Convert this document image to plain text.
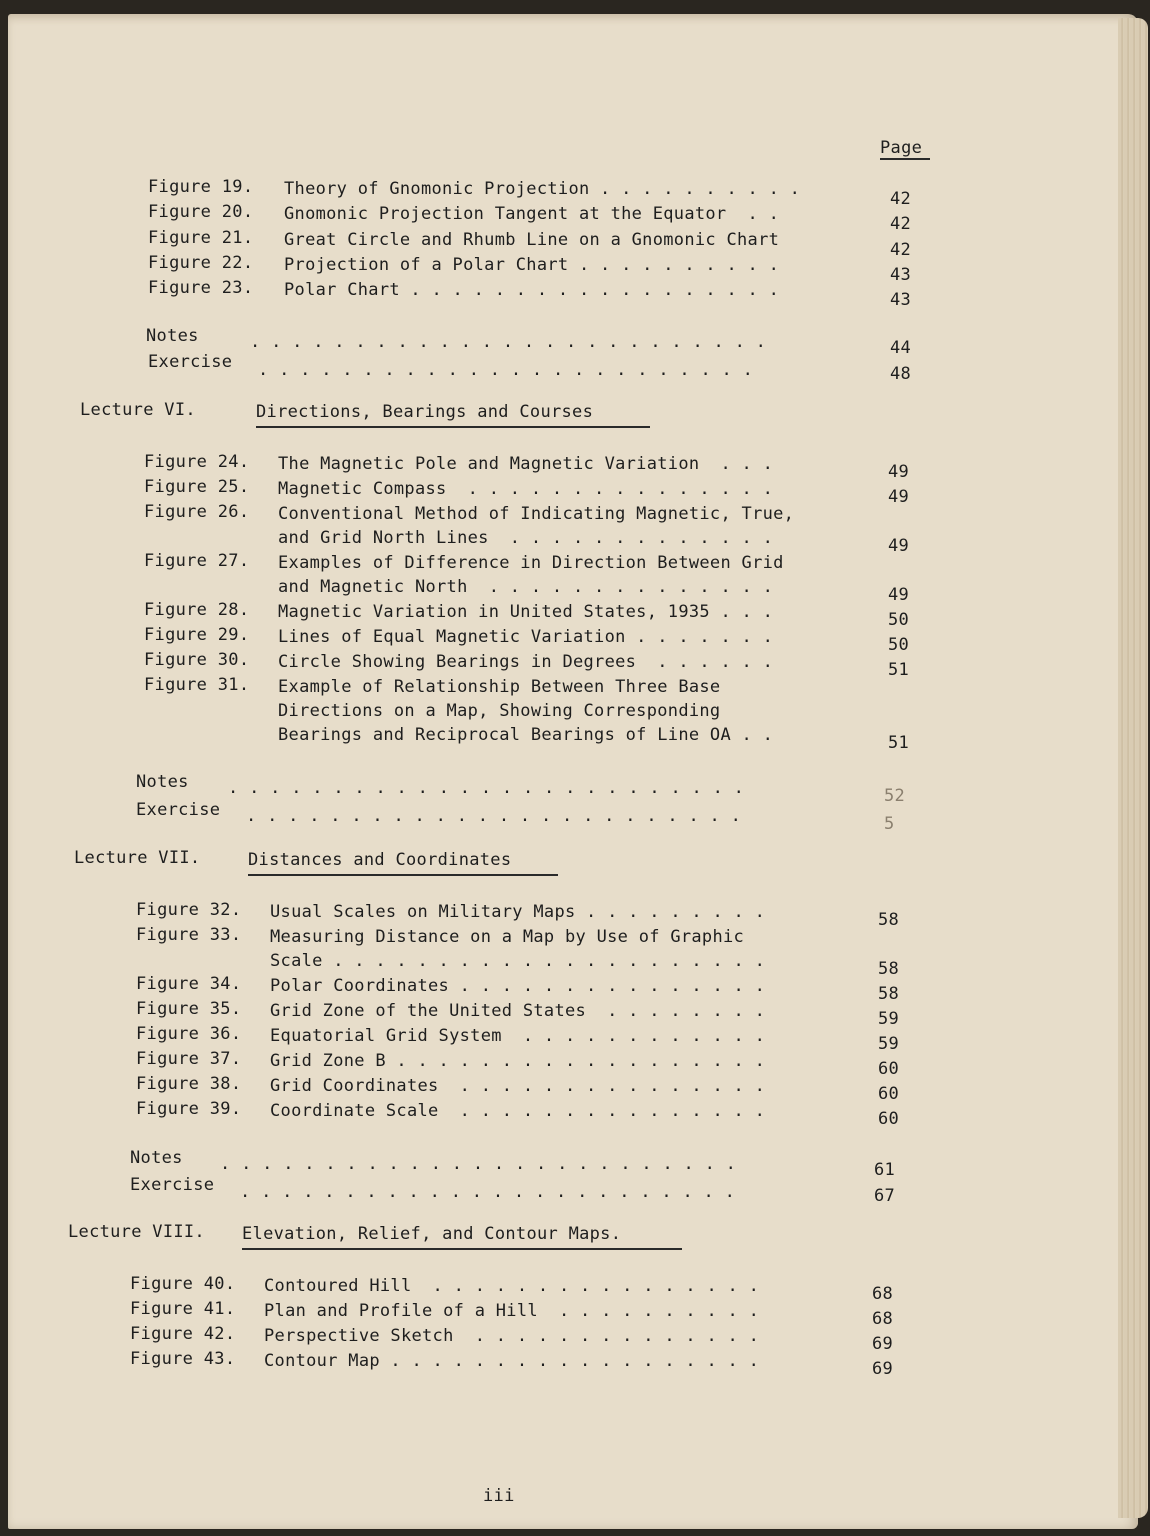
Page
Figure 19. Theory of Gnomonic Projection . . . . . . . . . .	42
Figure 20. Gnomonic Projection Tangent at the Equator  . .	42
Figure 21. Great Circle and Rhumb Line on a Gnomonic Chart	42
Figure 22. Projection of a Polar Chart . . . . . . . . . .	43
Figure 23. Polar Chart . . . . . . . . . . . . . . . . . .	43
Notes	. . . . . . . . . . . . . . . . . . . . . . . . .	44
Exercise . . . . . . . . . . . . . . . . . . . . . . . .	48
Lecture VI.	Directions, Bearings and Courses
Figure 24. The Magnetic Pole and Magnetic Variation  . . .	49
Figure 25. Magnetic Compass  . . . . . . . . . . . . . . .	49
Figure 26. Conventional Method of Indicating Magnetic, True,
and Grid North Lines  . . . . . . . . . . . . .	49
Figure 27. Examples of Difference in Direction Between Grid
and Magnetic North  . . . . . . . . . . . . . .	49
Figure 28. Magnetic Variation in United States, 1935 . . .	50
Figure 29. Lines of Equal Magnetic Variation . . . . . . .	50
Figure 30. Circle Showing Bearings in Degrees  . . . . . .	51
Figure 31. Example of Relationship Between Three Base
Directions on a Map, Showing Corresponding
Bearings and Reciprocal Bearings of Line OA . .	51
Notes . . . . . . . . . . . . . . . . . . . . . . . . .	52
Exercise . . . . . . . . . . . . . . . . . . . . . . . .	5
Lecture VII.	Distances and Coordinates
Figure 32. Usual Scales on Military Maps . . . . . . . . .	58
Figure 33. Measuring Distance on a Map by Use of Graphic
Scale . . . . . . . . . . . . . . . . . . . . .	58
Figure 34. Polar Coordinates . . . . . . . . . . . . . . .	58
Figure 35. Grid Zone of the United States  . . . . . . . .	59
Figure 36. Equatorial Grid System  . . . . . . . . . . . .	59
Figure 37. Grid Zone B . . . . . . . . . . . . . . . . . .	60
Figure 38. Grid Coordinates  . . . . . . . . . . . . . . .	60
Figure 39. Coordinate Scale  . . . . . . . . . . . . . . .	60
Notes . . . . . . . . . . . . . . . . . . . . . . . . .	61
Exercise . . . . . . . . . . . . . . . . . . . . . . . .	67
Lecture VIII. Elevation, Relief, and Contour Maps.
Figure 40. Contoured Hill  . . . . . . . . . . . . . . . .	68
Figure 41. Plan and Profile of a Hill  . . . . . . . . . .	68
Figure 42. Perspective Sketch  . . . . . . . . . . . . . .	69
Figure 43. Contour Map . . . . . . . . . . . . . . . . . .	69
iii
